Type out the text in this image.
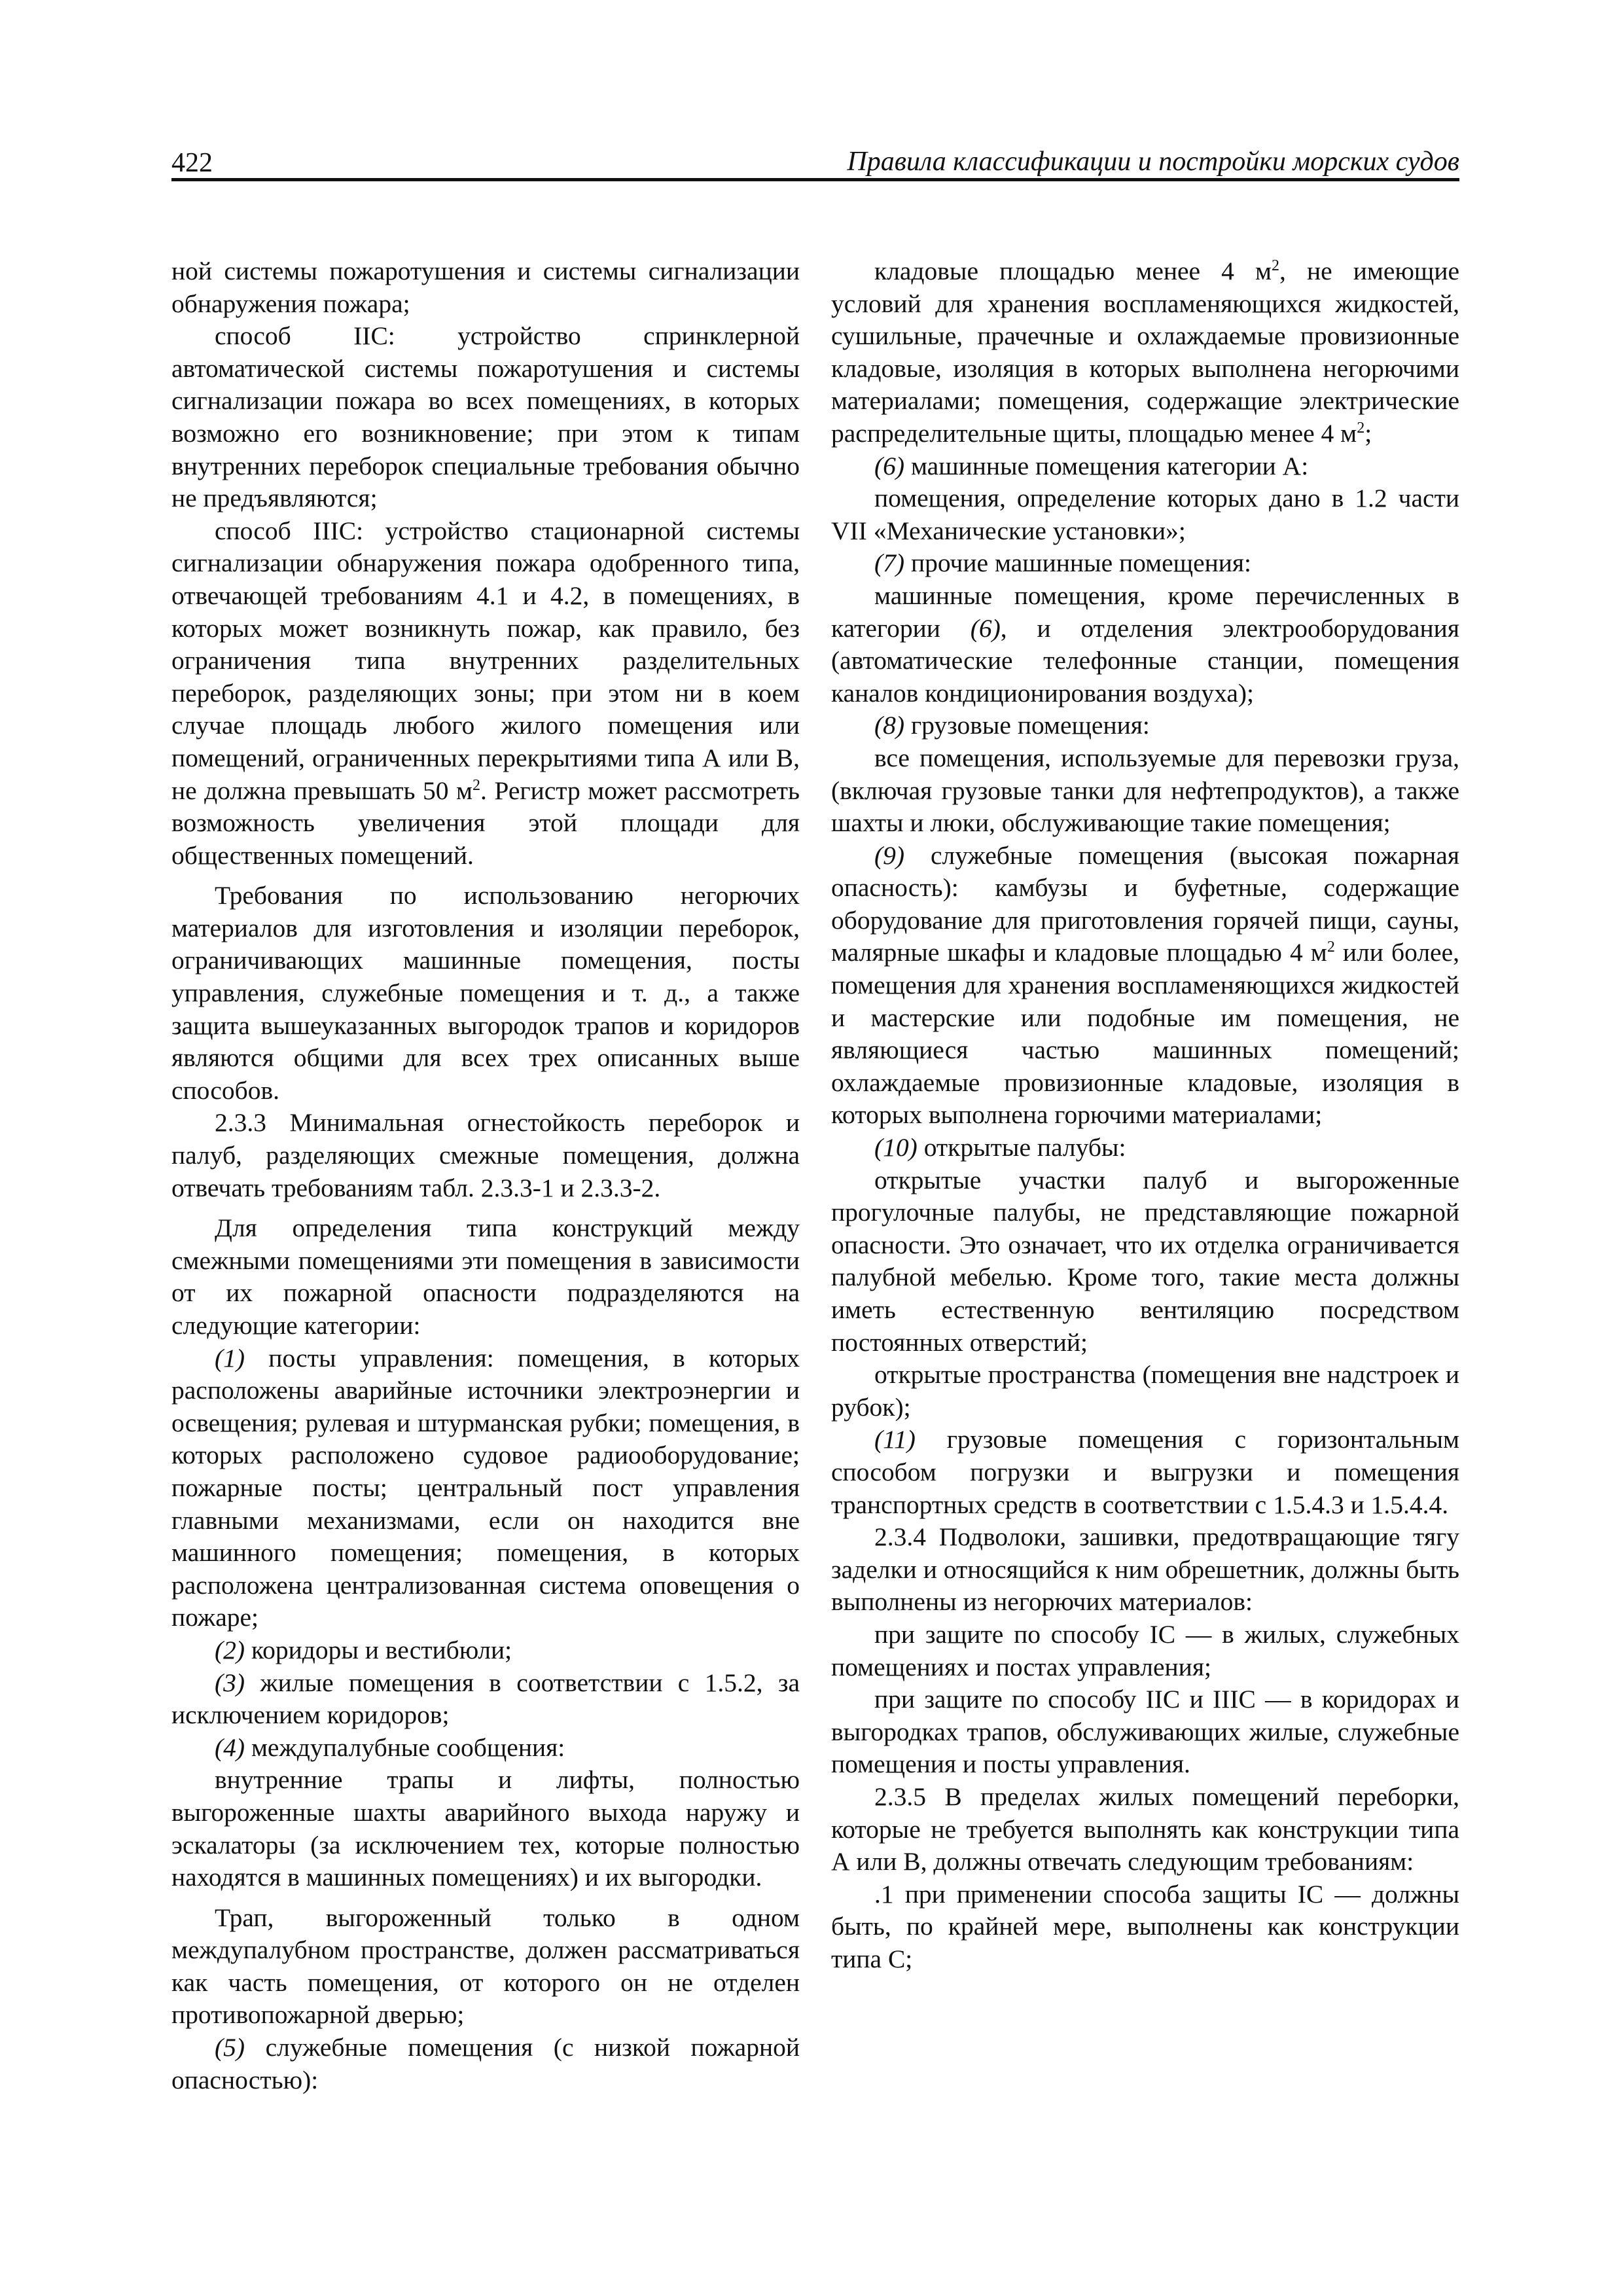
422	Правила классификации и постройки морских судов

ной системы пожаротушения и системы сигнализации обнаружения пожара;

способ IIС: устройство спринклерной автоматической системы пожаротушения и системы сигнализации пожара во всех помещениях, в которых возможно его возникновение; при этом к типам внутренних переборок специальные требования обычно не предъявляются;

способ IIIС: устройство стационарной системы сигнализации обнаружения пожара одобренного типа, отвечающей требованиям 4.1 и 4.2, в помещениях, в которых может возникнуть пожар, как правило, без ограничения типа внутренних разделительных переборок, разделяющих зоны; при этом ни в коем случае площадь любого жилого помещения или помещений, ограниченных перекрытиями типа А или В, не должна превышать 50 $м^2$. Регистр может рассмотреть возможность увеличения этой площади для общественных помещений.

Требования по использованию негорючих материалов для изготовления и изоляции переборок, ограничивающих машинные помещения, посты управления, служебные помещения и т. д., а также защита вышеуказанных выгородок трапов и коридоров являются общими для всех трех описанных выше способов.

2.3.3 Минимальная огнестойкость переборок и палуб, разделяющих смежные помещения, должна отвечать требованиям табл. 2.3.3-1 и 2.3.3-2.

Для определения типа конструкций между смежными помещениями эти помещения в зависимости от их пожарной опасности подразделяются на следующие категории:

(1) посты управления: помещения, в которых расположены аварийные источники электроэнергии и освещения; рулевая и штурманская рубки; помещения, в которых расположено судовое радиооборудование; пожарные посты; центральный пост управления главными механизмами, если он находится вне машинного помещения; помещения, в которых расположена централизованная система оповещения о пожаре;

(2) коридоры и вестибюли;

(3) жилые помещения в соответствии с 1.5.2, за исключением коридоров;

(4) междупалубные сообщения:

внутренние трапы и лифты, полностью выгороженные шахты аварийного выхода наружу и эскалаторы (за исключением тех, которые полностью находятся в машинных помещениях) и их выгородки.

Трап, выгороженный только в одном междупалубном пространстве, должен рассматриваться как часть помещения, от которого он не отделен противопожарной дверью;

(5) служебные помещения (с низкой пожарной опасностью):

кладовые площадью менее 4 $м^2$, не имеющие условий для хранения воспламеняющихся жидкостей, сушильные, прачечные и охлаждаемые провизионные кладовые, изоляция в которых выполнена негорючими материалами; помещения, содержащие электрические распределительные щиты, площадью менее 4 $м^2$;

(6) машинные помещения категории А:

помещения, определение которых дано в 1.2 части VII «Механические установки»;

(7) прочие машинные помещения:

машинные помещения, кроме перечисленных в категории (6), и отделения электрооборудования (автоматические телефонные станции, помещения каналов кондиционирования воздуха);

(8) грузовые помещения:

все помещения, используемые для перевозки груза, (включая грузовые танки для нефтепродуктов), а также шахты и люки, обслуживающие такие помещения;

(9) служебные помещения (высокая пожарная опасность): камбузы и буфетные, содержащие оборудование для приготовления горячей пищи, сауны, малярные шкафы и кладовые площадью 4 $м^2$ или более, помещения для хранения воспламеняющихся жидкостей и мастерские или подобные им помещения, не являющиеся частью машинных помещений; охлаждаемые провизионные кладовые, изоляция в которых выполнена горючими материалами;

(10) открытые палубы:

открытые участки палуб и выгороженные прогулочные палубы, не представляющие пожарной опасности. Это означает, что их отделка ограничивается палубной мебелью. Кроме того, такие места должны иметь естественную вентиляцию посредством постоянных отверстий;

открытые пространства (помещения вне надстроек и рубок);

(11) грузовые помещения с горизонтальным способом погрузки и выгрузки и помещения транспортных средств в соответствии с 1.5.4.3 и 1.5.4.4.

2.3.4 Подволоки, зашивки, предотвращающие тягу заделки и относящийся к ним обрешетник, должны быть выполнены из негорючих материалов:

при защите по способу IС — в жилых, служебных помещениях и постах управления;

при защите по способу IIС и IIIС — в коридорах и выгородках трапов, обслуживающих жилые, служебные помещения и посты управления.

2.3.5 В пределах жилых помещений переборки, которые не требуется выполнять как конструкции типа А или В, должны отвечать следующим требованиям:

.1 при применении способа защиты IС — должны быть, по крайней мере, выполнены как конструкции типа С;
